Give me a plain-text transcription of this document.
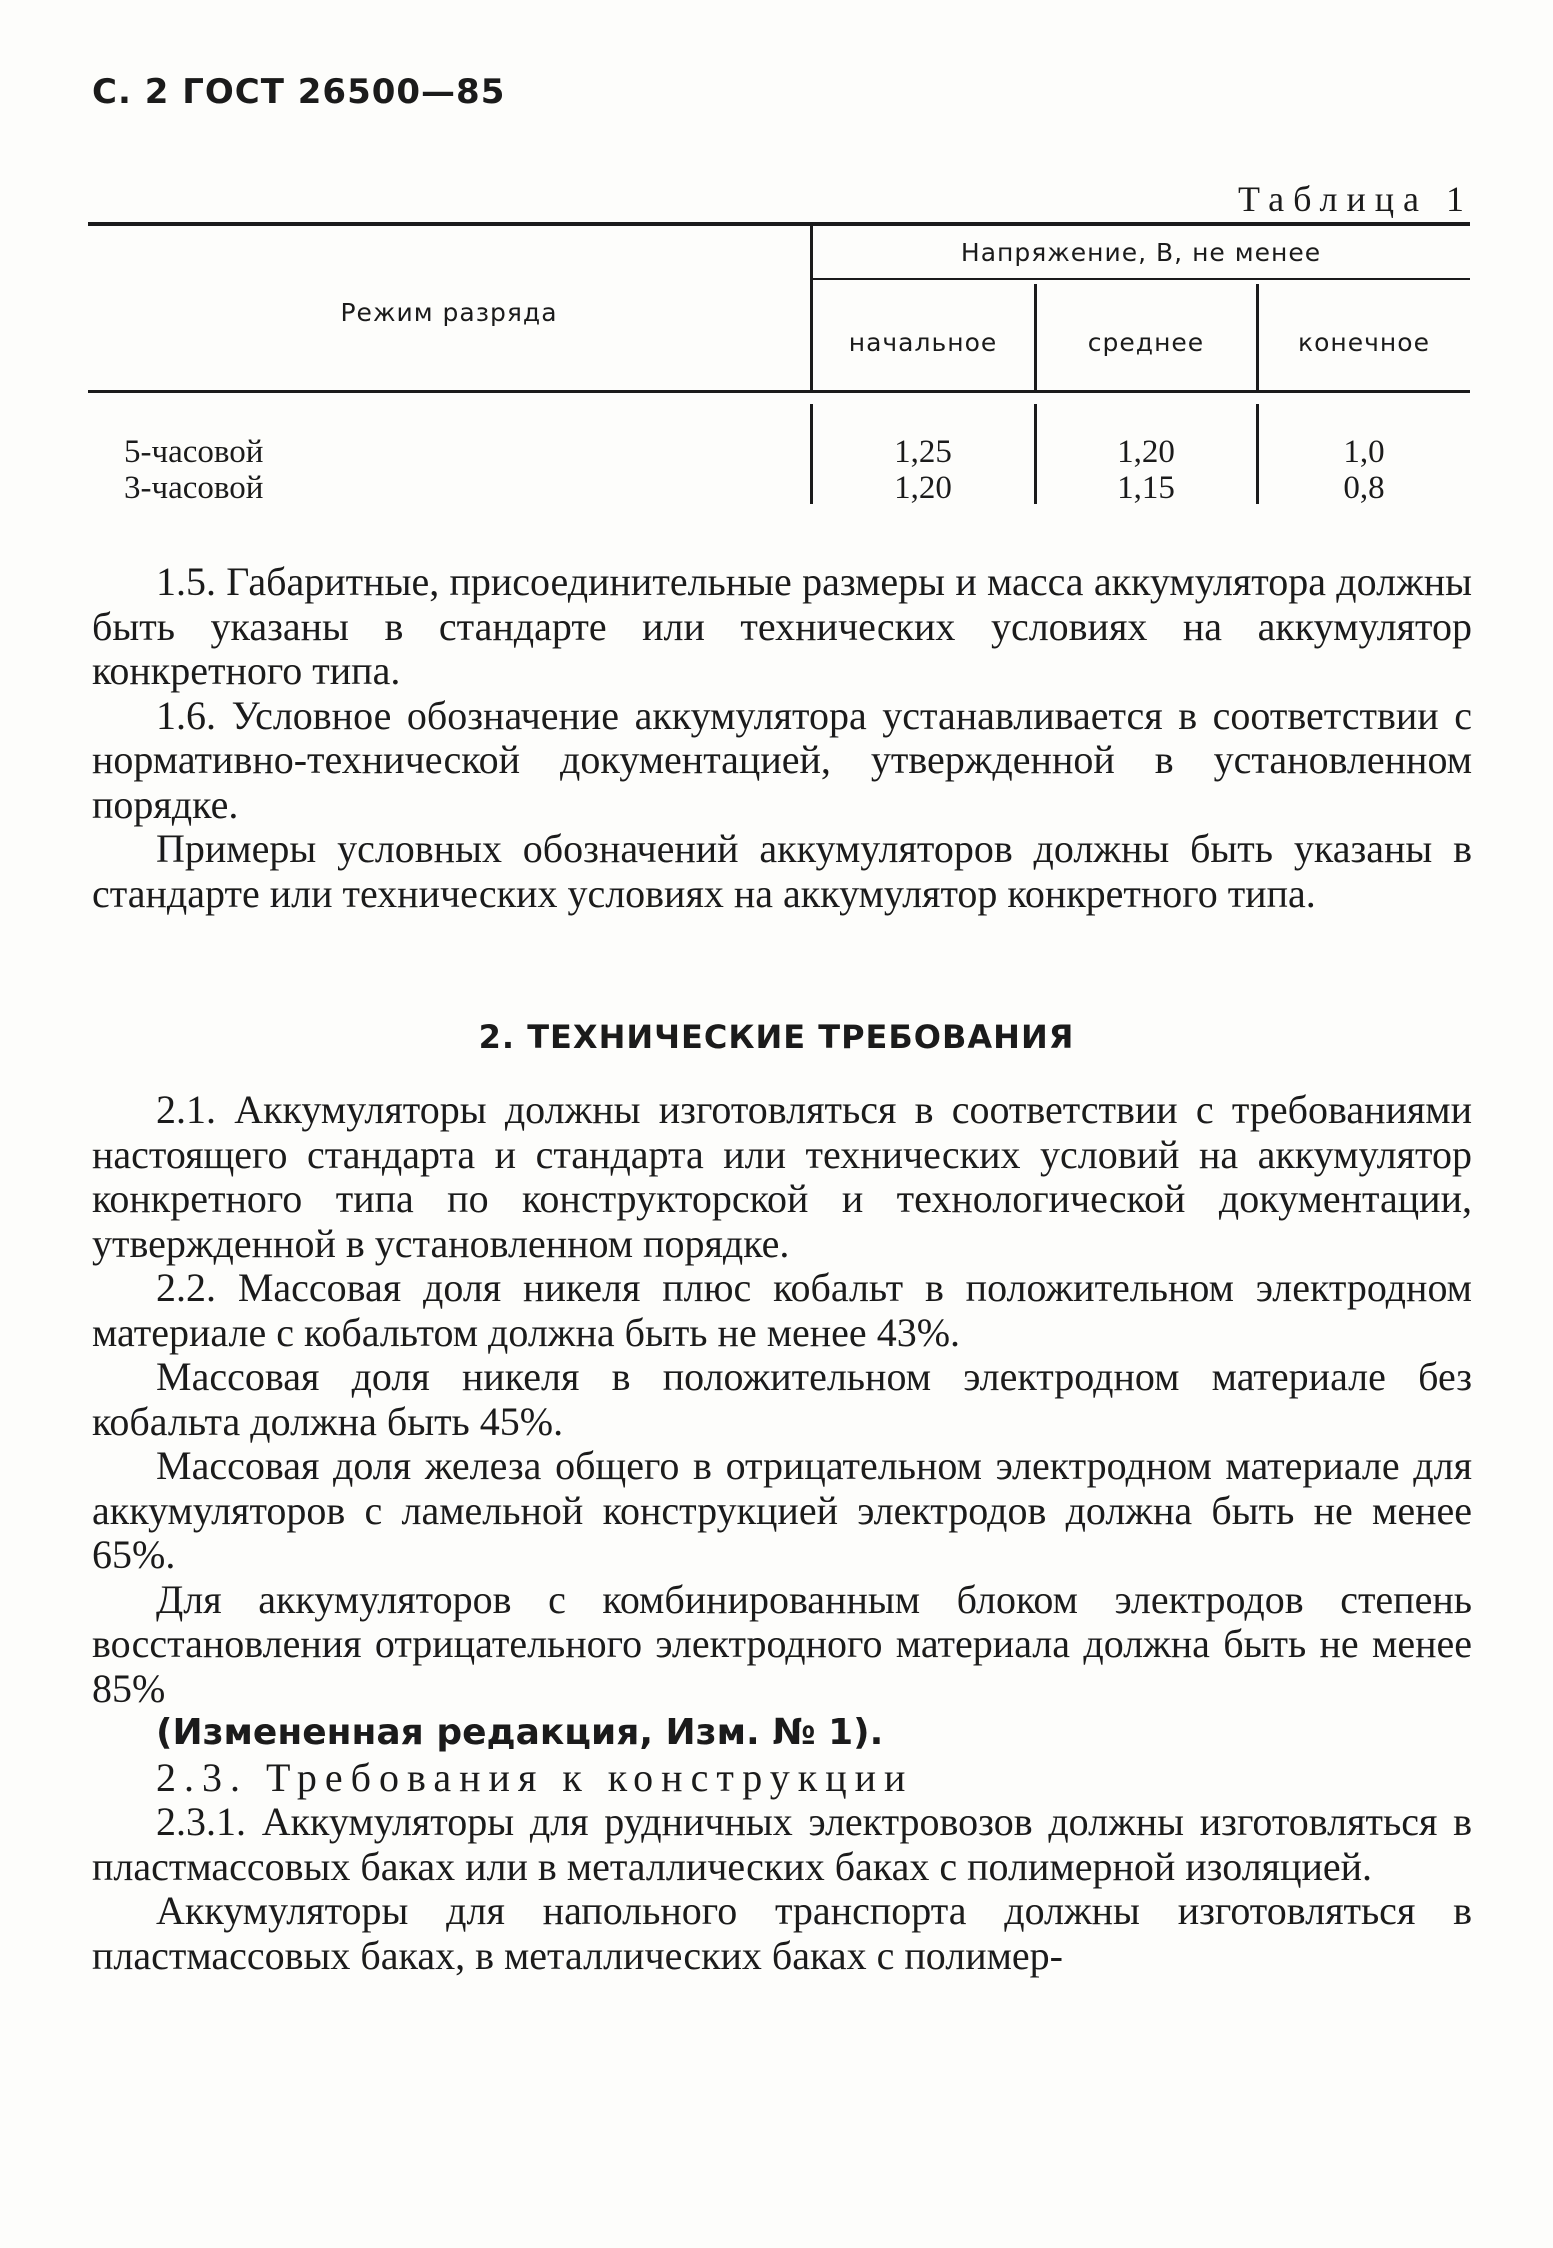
С. 2 ГОСТ 26500—85
Таблица 1
Режим разряда
Напряжение, В, не менее
начальное	среднее	конечное
5-часовой	1,25	1,20	1,0
3-часовой	1,20	1,15	0,8

1.5. Габаритные, присоединительные размеры и масса аккумулятора должны быть указаны в стандарте или технических условиях на аккумулятор конкретного типа.

1.6. Условное обозначение аккумулятора устанавливается в соответствии с нормативно-технической документацией, утвержденной в установленном порядке.

Примеры условных обозначений аккумуляторов должны быть указаны в стандарте или технических условиях на аккумулятор конкретного типа.

2. ТЕХНИЧЕСКИЕ ТРЕБОВАНИЯ

2.1. Аккумуляторы должны изготовляться в соответствии с требованиями настоящего стандарта и стандарта или технических условий на аккумулятор конкретного типа по конструкторской и технологической документации, утвержденной в установленном порядке.

2.2. Массовая доля никеля плюс кобальт в положительном электродном материале с кобальтом должна быть не менее 43%.

Массовая доля никеля в положительном электродном материале без кобальта должна быть 45%.

Массовая доля железа общего в отрицательном электродном материале для аккумуляторов с ламельной конструкцией электродов должна быть не менее 65%.

Для аккумуляторов с комбинированным блоком электродов степень восстановления отрицательного электродного материала должна быть не менее 85%

(Измененная редакция, Изм. № 1).

2.3. Требования к конструкции

2.3.1. Аккумуляторы для рудничных электровозов должны изготовляться в пластмассовых баках или в металлических баках с полимерной изоляцией.

Аккумуляторы для напольного транспорта должны изготовляться в пластмассовых баках, в металлических баках с полимер-
